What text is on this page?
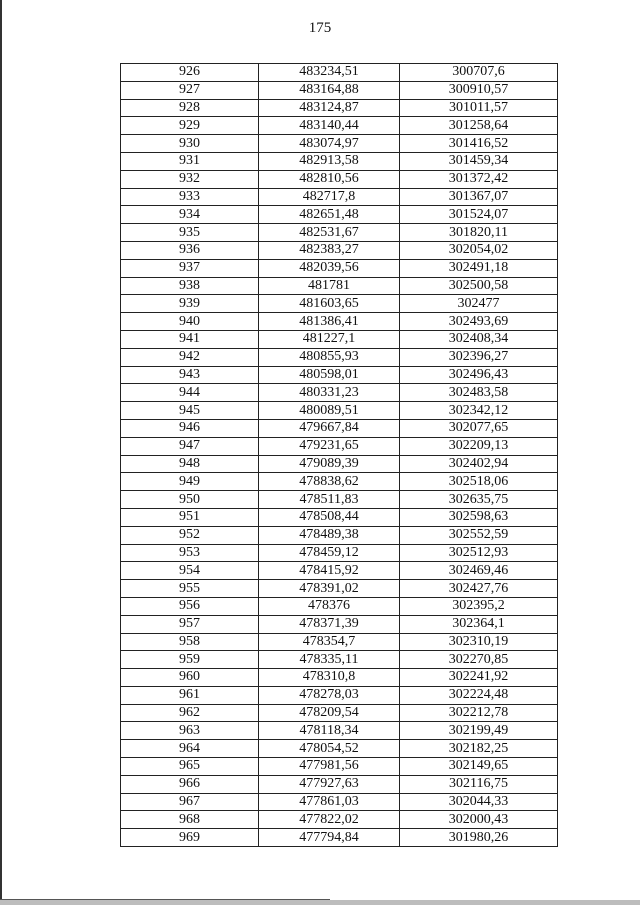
175
926	483234,51	300707,6
927	483164,88	300910,57
928	483124,87	301011,57
929	483140,44	301258,64
930	483074,97	301416,52
931	482913,58	301459,34
932	482810,56	301372,42
933	482717,8	301367,07
934	482651,48	301524,07
935	482531,67	301820,11
936	482383,27	302054,02
937	482039,56	302491,18
938	481781	302500,58
939	481603,65	302477
940	481386,41	302493,69
941	481227,1	302408,34
942	480855,93	302396,27
943	480598,01	302496,43
944	480331,23	302483,58
945	480089,51	302342,12
946	479667,84	302077,65
947	479231,65	302209,13
948	479089,39	302402,94
949	478838,62	302518,06
950	478511,83	302635,75
951	478508,44	302598,63
952	478489,38	302552,59
953	478459,12	302512,93
954	478415,92	302469,46
955	478391,02	302427,76
956	478376	302395,2
957	478371,39	302364,1
958	478354,7	302310,19
959	478335,11	302270,85
960	478310,8	302241,92
961	478278,03	302224,48
962	478209,54	302212,78
963	478118,34	302199,49
964	478054,52	302182,25
965	477981,56	302149,65
966	477927,63	302116,75
967	477861,03	302044,33
968	477822,02	302000,43
969	477794,84	301980,26
